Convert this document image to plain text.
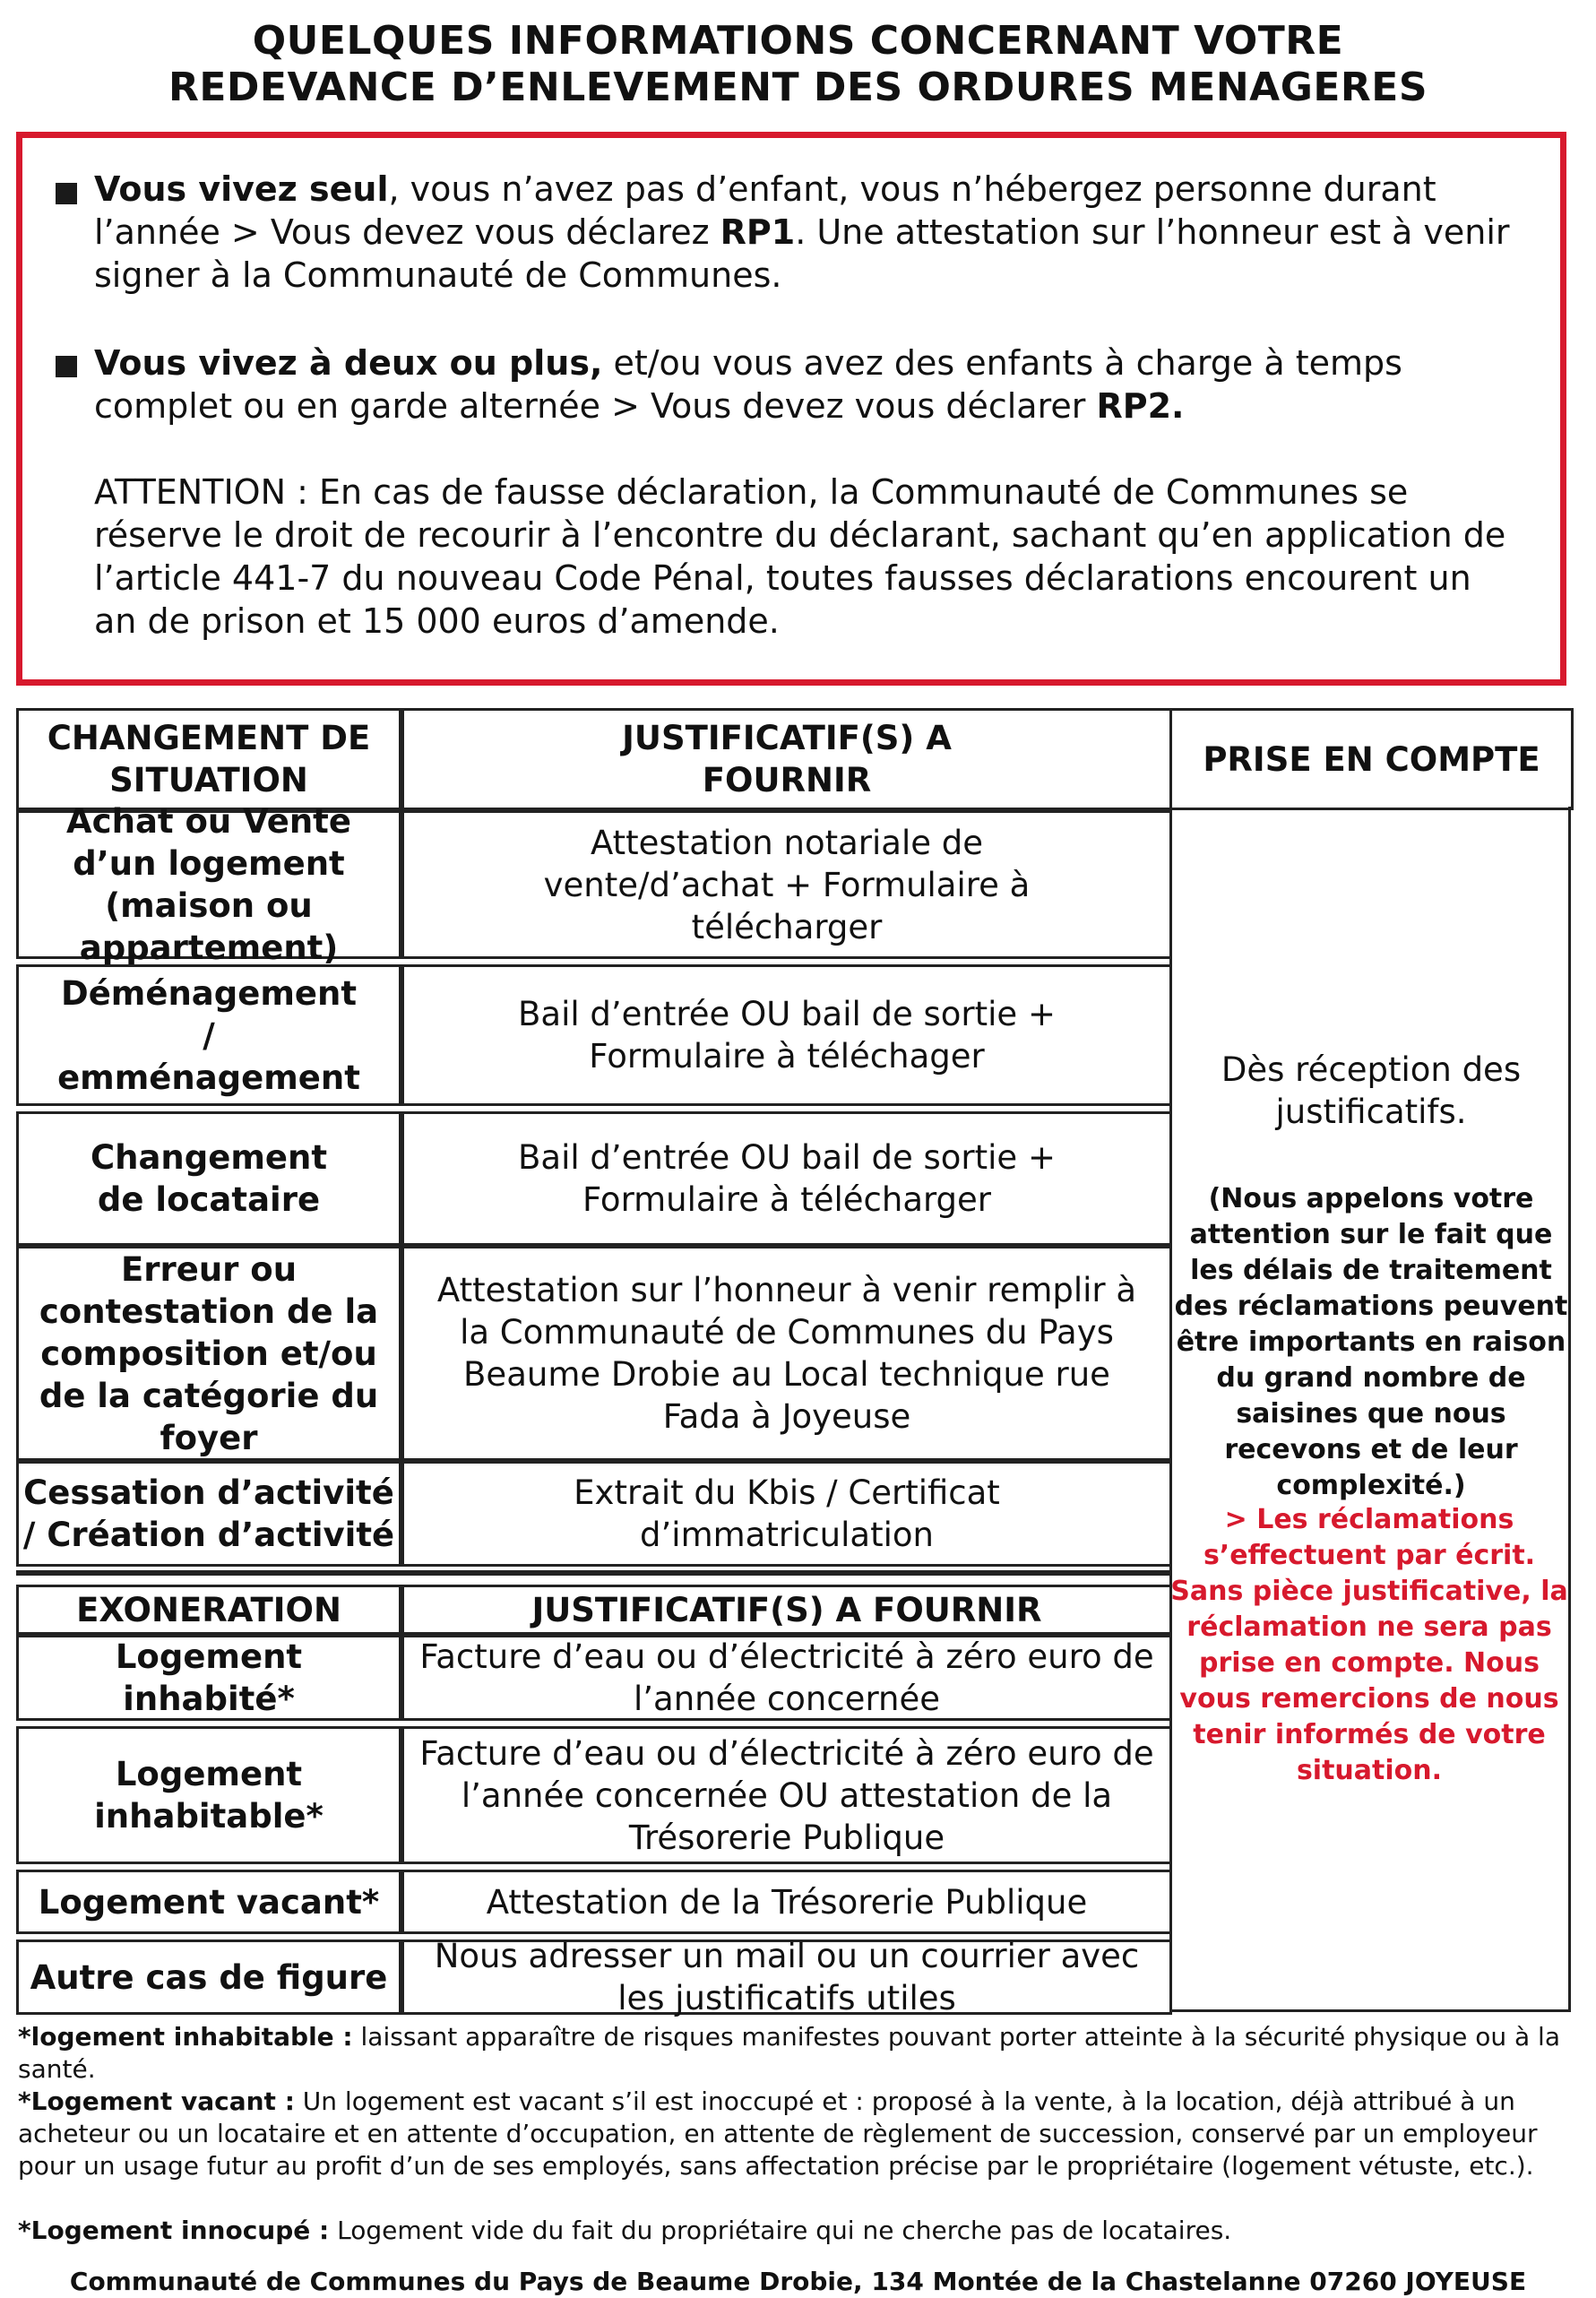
QUELQUES INFORMATIONS CONCERNANT VOTRE
REDEVANCE D’ENLEVEMENT DES ORDURES MENAGERES
Vous vivez seul, vous n’avez pas d’enfant, vous n’hébergez personne durant l’année > Vous devez vous déclarez RP1. Une attestation sur l’honneur est à venir signer à la Communauté de Communes.
Vous vivez à deux ou plus, et/ou vous avez des enfants à charge à temps complet ou en garde alternée > Vous devez vous déclarer RP2.
ATTENTION : En cas de fausse déclaration, la Communauté de Communes se réserve le droit de recourir à l’encontre du déclarant, sachant qu’en application de l’article 441-7 du nouveau Code Pénal, toutes fausses déclarations encourent un an de prison et 15 000 euros d’amende.
CHANGEMENT DE SITUATION
JUSTIFICATIF(S) A FOURNIR
PRISE EN COMPTE
Achat ou Vente d’un logement (maison ou appartement)
Attestation notariale de vente/d’achat + Formulaire à télécharger
Déménagement / emménagement
Bail d’entrée OU bail de sortie + Formulaire à téléchager
Changement de locataire
Bail d’entrée OU bail de sortie + Formulaire à télécharger
Erreur ou contestation de la composition et/ou de la catégorie du foyer
Attestation sur l’honneur à venir remplir à la Communauté de Communes du Pays Beaume Drobie au Local technique rue Fada à Joyeuse
Cessation d’activité / Création d’activité
Extrait du Kbis / Certificat d’immatriculation
EXONERATION	JUSTIFICATIF(S) A FOURNIR
Logement inhabité*
Facture d’eau ou d’électricité à zéro euro de l’année concernée
Logement inhabitable*
Facture d’eau ou d’électricité à zéro euro de l’année concernée OU attestation de la Trésorerie Publique
Logement vacant*	Attestation de la Trésorerie Publique
Autre cas de figure
Nous adresser un mail ou un courrier avec les justificatifs utiles
Dès réception des justificatifs.
(Nous appelons votre attention sur le fait que les délais de traitement des réclamations peuvent être importants en raison du grand nombre de saisines que nous recevons et de leur complexité.)
> Les réclamations s’effectuent par écrit. Sans pièce justificative, la réclamation ne sera pas prise en compte. Nous vous remercions de nous tenir informés de votre situation.
*logement inhabitable : laissant apparaître de risques manifestes pouvant porter atteinte à la sécurité physique ou à la santé.
*Logement vacant : Un logement est vacant s’il est inoccupé et : proposé à la vente, à la location, déjà attribué à un acheteur ou un locataire et en attente d’occupation, en attente de règlement de succession, conservé par un employeur pour un usage futur au profit d’un de ses employés, sans affectation précise par le propriétaire (logement vétuste, etc.).
*Logement innocupé : Logement vide du fait du propriétaire qui ne cherche pas de locataires.
Communauté de Communes du Pays de Beaume Drobie, 134 Montée de la Chastelanne 07260 JOYEUSE
